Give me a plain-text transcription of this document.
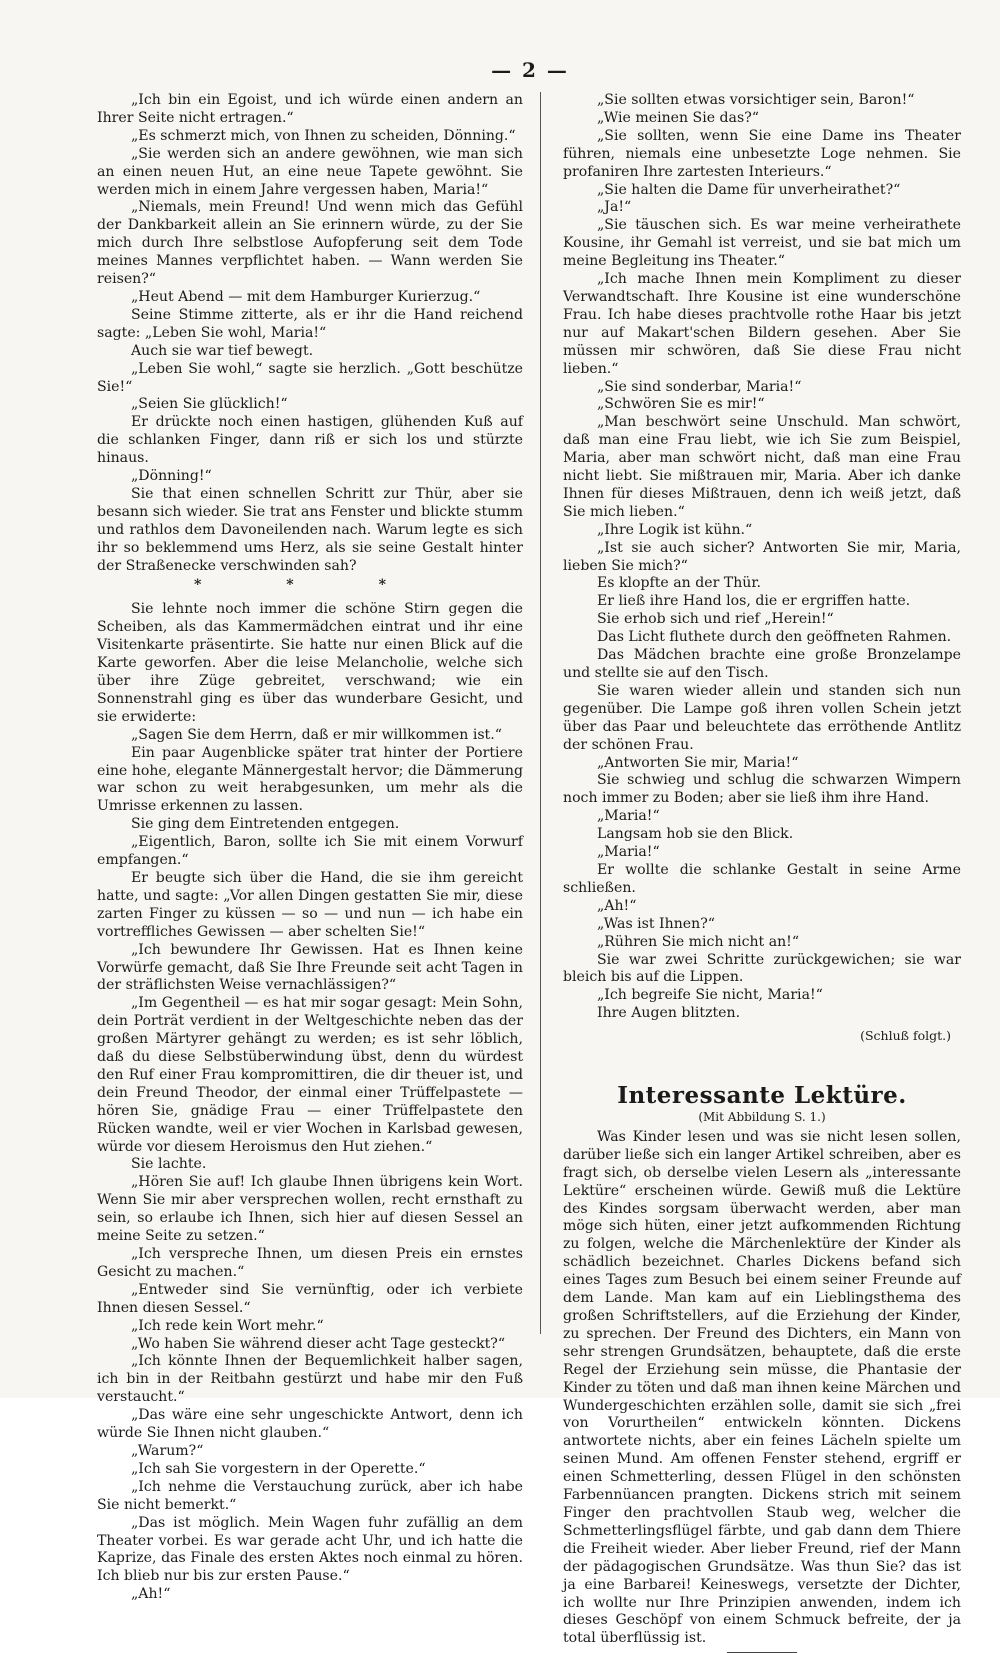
— 2 —

„Ich bin ein Egoist, und ich würde einen andern an Ihrer Seite nicht ertragen.“

„Es schmerzt mich, von Ihnen zu scheiden, Dönning.“

„Sie werden sich an andere gewöhnen, wie man sich an einen neuen Hut, an eine neue Tapete gewöhnt. Sie werden mich in einem Jahre vergessen haben, Maria!“

„Niemals, mein Freund! Und wenn mich das Gefühl der Dankbarkeit allein an Sie erinnern würde, zu der Sie mich durch Ihre selbstlose Aufopferung seit dem Tode meines Mannes verpflichtet haben. — Wann werden Sie reisen?“

„Heut Abend — mit dem Hamburger Kurierzug.“

Seine Stimme zitterte, als er ihr die Hand reichend sagte: „Leben Sie wohl, Maria!“

Auch sie war tief bewegt.

„Leben Sie wohl,“ sagte sie herzlich. „Gott beschütze Sie!“

„Seien Sie glücklich!“

Er drückte noch einen hastigen, glühenden Kuß auf die schlanken Finger, dann riß er sich los und stürzte hinaus.

„Dönning!“

Sie that einen schnellen Schritt zur Thür, aber sie besann sich wieder. Sie trat ans Fenster und blickte stumm und rathlos dem Davoneilenden nach. Warum legte es sich ihr so beklemmend ums Herz, als sie seine Gestalt hinter der Straßenecke verschwinden sah?

* * *

Sie lehnte noch immer die schöne Stirn gegen die Scheiben, als das Kammermädchen eintrat und ihr eine Visitenkarte präsentirte. Sie hatte nur einen Blick auf die Karte geworfen. Aber die leise Melancholie, welche sich über ihre Züge gebreitet, verschwand; wie ein Sonnenstrahl ging es über das wunderbare Gesicht, und sie erwiderte:

„Sagen Sie dem Herrn, daß er mir willkommen ist.“

Ein paar Augenblicke später trat hinter der Portiere eine hohe, elegante Männergestalt hervor; die Dämmerung war schon zu weit herabgesunken, um mehr als die Umrisse erkennen zu lassen.

Sie ging dem Eintretenden entgegen.

„Eigentlich, Baron, sollte ich Sie mit einem Vorwurf empfangen.“

Er beugte sich über die Hand, die sie ihm gereicht hatte, und sagte: „Vor allen Dingen gestatten Sie mir, diese zarten Finger zu küssen — so — und nun — ich habe ein vortreffliches Gewissen — aber schelten Sie!“

„Ich bewundere Ihr Gewissen. Hat es Ihnen keine Vorwürfe gemacht, daß Sie Ihre Freunde seit acht Tagen in der sträflichsten Weise vernachlässigen?“

„Im Gegentheil — es hat mir sogar gesagt: Mein Sohn, dein Porträt verdient in der Weltgeschichte neben das der großen Märtyrer gehängt zu werden; es ist sehr löblich, daß du diese Selbstüberwindung übst, denn du würdest den Ruf einer Frau kompromittiren, die dir theuer ist, und dein Freund Theodor, der einmal einer Trüffelpastete — hören Sie, gnädige Frau — einer Trüffelpastete den Rücken wandte, weil er vier Wochen in Karlsbad gewesen, würde vor diesem Heroismus den Hut ziehen.“

Sie lachte.

„Hören Sie auf! Ich glaube Ihnen übrigens kein Wort. Wenn Sie mir aber versprechen wollen, recht ernsthaft zu sein, so erlaube ich Ihnen, sich hier auf diesen Sessel an meine Seite zu setzen.“

„Ich verspreche Ihnen, um diesen Preis ein ernstes Gesicht zu machen.“

„Entweder sind Sie vernünftig, oder ich verbiete Ihnen diesen Sessel.“

„Ich rede kein Wort mehr.“

„Wo haben Sie während dieser acht Tage gesteckt?“

„Ich könnte Ihnen der Bequemlichkeit halber sagen, ich bin in der Reitbahn gestürzt und habe mir den Fuß verstaucht.“

„Das wäre eine sehr ungeschickte Antwort, denn ich würde Sie Ihnen nicht glauben.“

„Warum?“

„Ich sah Sie vorgestern in der Operette.“

„Ich nehme die Verstauchung zurück, aber ich habe Sie nicht bemerkt.“

„Das ist möglich. Mein Wagen fuhr zufällig an dem Theater vorbei. Es war gerade acht Uhr, und ich hatte die Kaprize, das Finale des ersten Aktes noch einmal zu hören. Ich blieb nur bis zur ersten Pause.“

„Ah!“

„Sie sollten etwas vorsichtiger sein, Baron!“

„Wie meinen Sie das?“

„Sie sollten, wenn Sie eine Dame ins Theater führen, niemals eine unbesetzte Loge nehmen. Sie profaniren Ihre zartesten Interieurs.“

„Sie halten die Dame für unverheirathet?“

„Ja!“

„Sie täuschen sich. Es war meine verheirathete Kousine, ihr Gemahl ist verreist, und sie bat mich um meine Begleitung ins Theater.“

„Ich mache Ihnen mein Kompliment zu dieser Verwandtschaft. Ihre Kousine ist eine wunderschöne Frau. Ich habe dieses prachtvolle rothe Haar bis jetzt nur auf Makart'schen Bildern gesehen. Aber Sie müssen mir schwören, daß Sie diese Frau nicht lieben.“

„Sie sind sonderbar, Maria!“

„Schwören Sie es mir!“

„Man beschwört seine Unschuld. Man schwört, daß man eine Frau liebt, wie ich Sie zum Beispiel, Maria, aber man schwört nicht, daß man eine Frau nicht liebt. Sie mißtrauen mir, Maria. Aber ich danke Ihnen für dieses Mißtrauen, denn ich weiß jetzt, daß Sie mich lieben.“

„Ihre Logik ist kühn.“

„Ist sie auch sicher? Antworten Sie mir, Maria, lieben Sie mich?“

Es klopfte an der Thür.

Er ließ ihre Hand los, die er ergriffen hatte.

Sie erhob sich und rief „Herein!“

Das Licht fluthete durch den geöffneten Rahmen.

Das Mädchen brachte eine große Bronzelampe und stellte sie auf den Tisch.

Sie waren wieder allein und standen sich nun gegenüber. Die Lampe goß ihren vollen Schein jetzt über das Paar und beleuchtete das erröthende Antlitz der schönen Frau.

„Antworten Sie mir, Maria!“

Sie schwieg und schlug die schwarzen Wimpern noch immer zu Boden; aber sie ließ ihm ihre Hand.

„Maria!“

Langsam hob sie den Blick.

„Maria!“

Er wollte die schlanke Gestalt in seine Arme schließen.

„Ah!“

„Was ist Ihnen?“

„Rühren Sie mich nicht an!“

Sie war zwei Schritte zurückgewichen; sie war bleich bis auf die Lippen.

„Ich begreife Sie nicht, Maria!“

Ihre Augen blitzten.

(Schluß folgt.)
Interessante Lektüre.
(Mit Abbildung S. 1.)

Was Kinder lesen und was sie nicht lesen sollen, darüber ließe sich ein langer Artikel schreiben, aber es fragt sich, ob derselbe vielen Lesern als „interessante Lektüre“ erscheinen würde. Gewiß muß die Lektüre des Kindes sorgsam überwacht werden, aber man möge sich hüten, einer jetzt aufkommenden Richtung zu folgen, welche die Märchenlektüre der Kinder als schädlich bezeichnet. Charles Dickens befand sich eines Tages zum Besuch bei einem seiner Freunde auf dem Lande. Man kam auf ein Lieblingsthema des großen Schriftstellers, auf die Erziehung der Kinder, zu sprechen. Der Freund des Dichters, ein Mann von sehr strengen Grundsätzen, behauptete, daß die erste Regel der Erziehung sein müsse, die Phantasie der Kinder zu töten und daß man ihnen keine Märchen und Wundergeschichten erzählen solle, damit sie sich „frei von Vorurtheilen“ entwickeln könnten. Dickens antwortete nichts, aber ein feines Lächeln spielte um seinen Mund. Am offenen Fenster stehend, ergriff er einen Schmetterling, dessen Flügel in den schönsten Farbennüancen prangten. Dickens strich mit seinem Finger den prachtvollen Staub weg, welcher die Schmetterlingsflügel färbte, und gab dann dem Thiere die Freiheit wieder. Aber lieber Freund, rief der Mann der pädagogischen Grundsätze. Was thun Sie? das ist ja eine Barbarei! Keineswegs, versetzte der Dichter, ich wollte nur Ihre Prinzipien anwenden, indem ich dieses Geschöpf von einem Schmuck befreite, der ja total überflüssig ist.
